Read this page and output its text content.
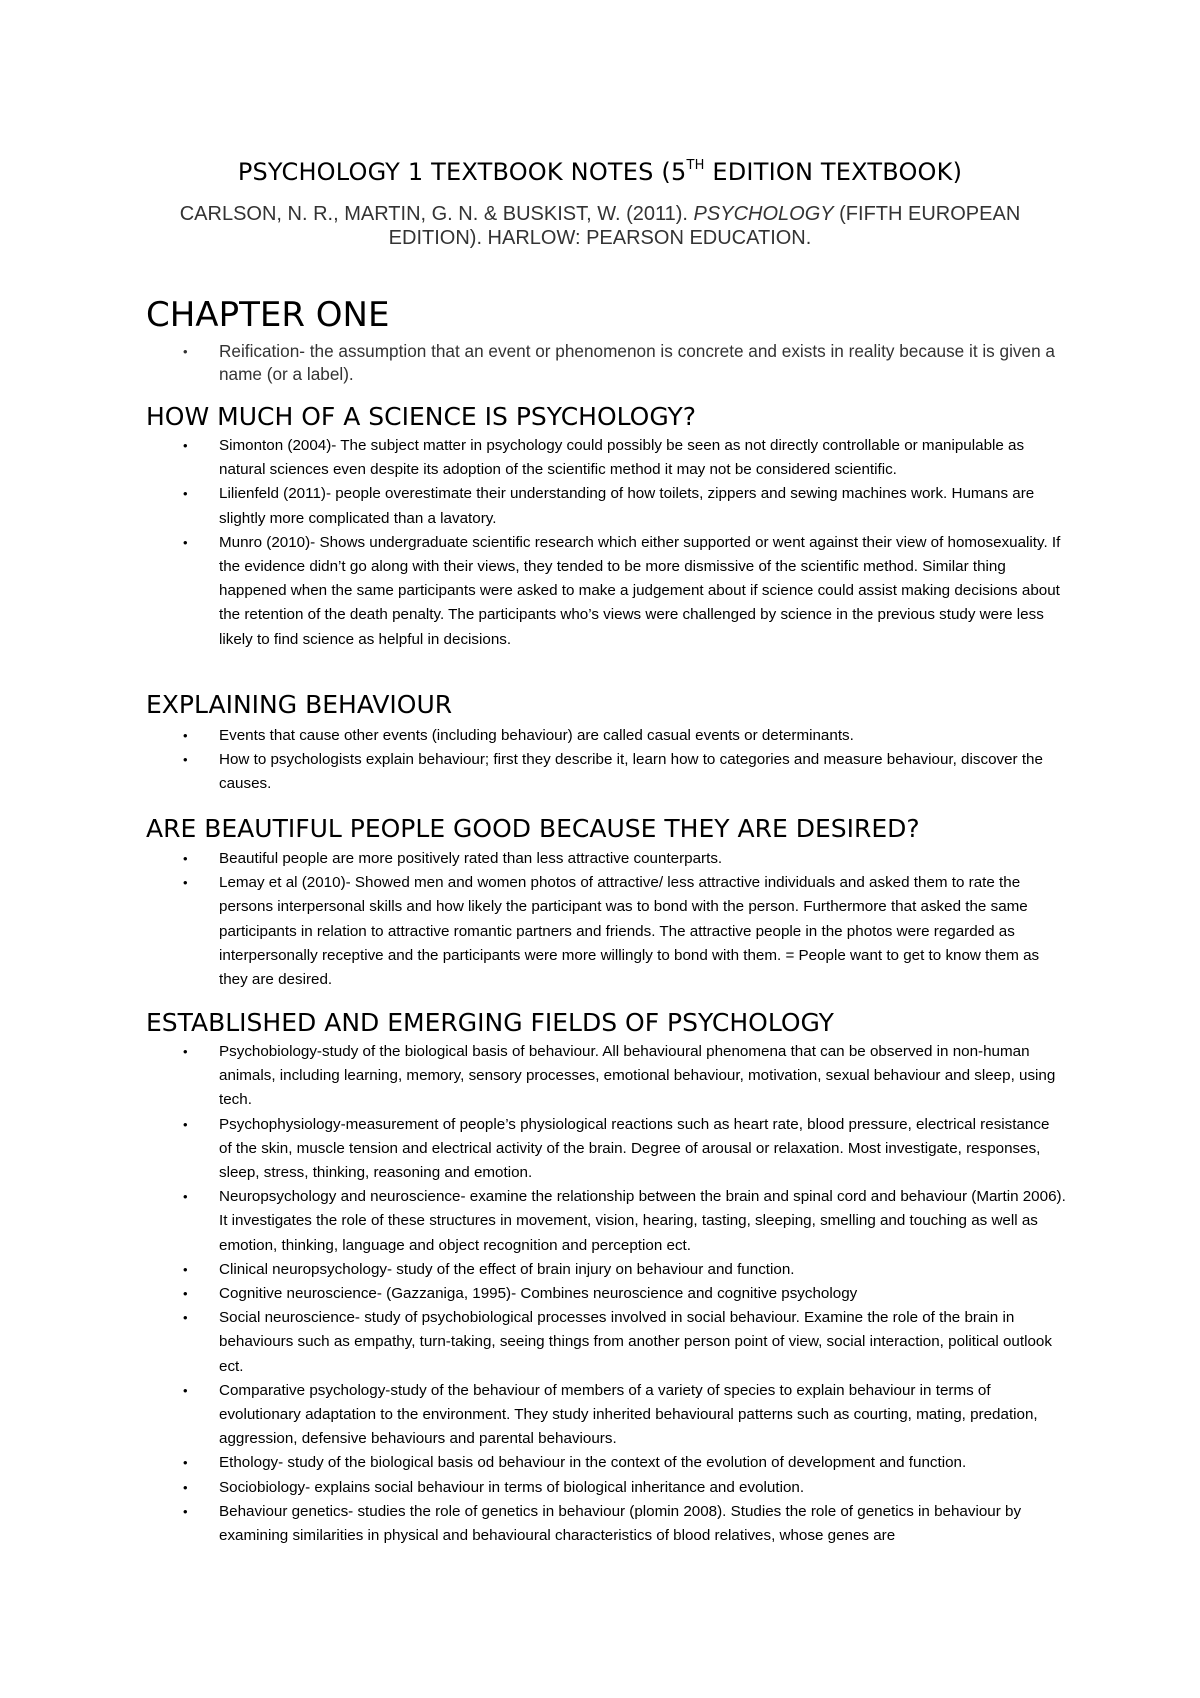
PSYCHOLOGY 1 TEXTBOOK NOTES (5TH EDITION TEXTBOOK)
CARLSON, N. R., MARTIN, G. N. & BUSKIST, W. (2011). PSYCHOLOGY (FIFTH EUROPEAN EDITION). HARLOW: PEARSON EDUCATION.
CHAPTER ONE
• Reification- the assumption that an event or phenomenon is concrete and exists in reality because it is given a name (or a label).
HOW MUCH OF A SCIENCE IS PSYCHOLOGY?
• Simonton (2004)- The subject matter in psychology could possibly be seen as not directly controllable or manipulable as natural sciences even despite its adoption of the scientific method it may not be considered scientific.
• Lilienfeld (2011)- people overestimate their understanding of how toilets, zippers and sewing machines work. Humans are slightly more complicated than a lavatory.
• Munro (2010)- Shows undergraduate scientific research which either supported or went against their view of homosexuality. If the evidence didn’t go along with their views, they tended to be more dismissive of the scientific method. Similar thing happened when the same participants were asked to make a judgement about if science could assist making decisions about the retention of the death penalty. The participants who’s views were challenged by science in the previous study were less likely to find science as helpful in decisions.
EXPLAINING BEHAVIOUR
• Events that cause other events (including behaviour) are called casual events or determinants.
• How to psychologists explain behaviour; first they describe it, learn how to categories and measure behaviour, discover the causes.
ARE BEAUTIFUL PEOPLE GOOD BECAUSE THEY ARE DESIRED?
• Beautiful people are more positively rated than less attractive counterparts.
• Lemay et al (2010)- Showed men and women photos of attractive/ less attractive individuals and asked them to rate the persons interpersonal skills and how likely the participant was to bond with the person. Furthermore that asked the same participants in relation to attractive romantic partners and friends. The attractive people in the photos were regarded as interpersonally receptive and the participants were more willingly to bond with them. = People want to get to know them as they are desired.
ESTABLISHED AND EMERGING FIELDS OF PSYCHOLOGY
• Psychobiology-study of the biological basis of behaviour. All behavioural phenomena that can be observed in non-human animals, including learning, memory, sensory processes, emotional behaviour, motivation, sexual behaviour and sleep, using tech.
• Psychophysiology-measurement of people’s physiological reactions such as heart rate, blood pressure, electrical resistance of the skin, muscle tension and electrical activity of the brain. Degree of arousal or relaxation. Most investigate, responses, sleep, stress, thinking, reasoning and emotion.
• Neuropsychology and neuroscience- examine the relationship between the brain and spinal cord and behaviour (Martin 2006). It investigates the role of these structures in movement, vision, hearing, tasting, sleeping, smelling and touching as well as emotion, thinking, language and object recognition and perception ect.
• Clinical neuropsychology- study of the effect of brain injury on behaviour and function.
• Cognitive neuroscience- (Gazzaniga, 1995)- Combines neuroscience and cognitive psychology
• Social neuroscience- study of psychobiological processes involved in social behaviour. Examine the role of the brain in behaviours such as empathy, turn-taking, seeing things from another person point of view, social interaction, political outlook ect.
• Comparative psychology-study of the behaviour of members of a variety of species to explain behaviour in terms of evolutionary adaptation to the environment. They study inherited behavioural patterns such as courting, mating, predation, aggression, defensive behaviours and parental behaviours.
• Ethology- study of the biological basis od behaviour in the context of the evolution of development and function.
• Sociobiology- explains social behaviour in terms of biological inheritance and evolution.
• Behaviour genetics- studies the role of genetics in behaviour (plomin 2008). Studies the role of genetics in behaviour by examining similarities in physical and behavioural characteristics of blood relatives, whose genes are
